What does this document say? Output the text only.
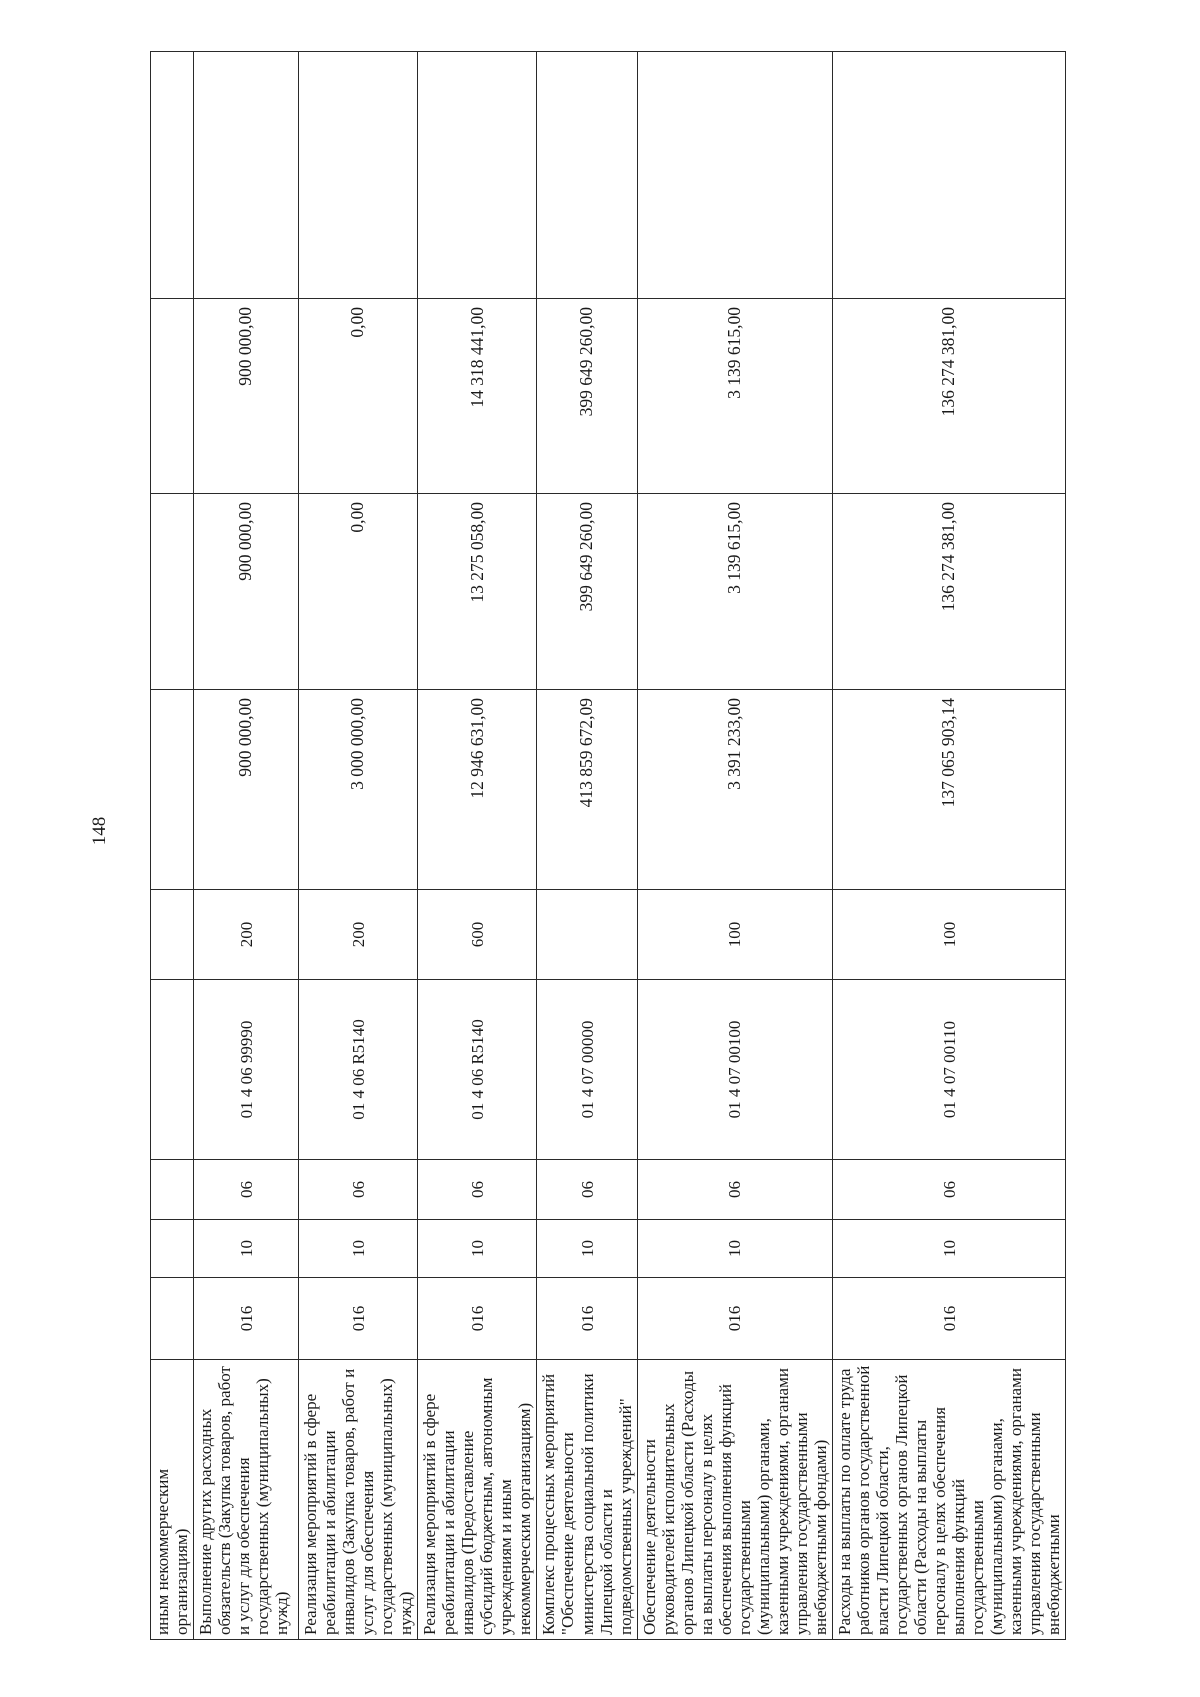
148
иным некоммерческим организациям)									
Выполнение других расходных обязательств (Закупка товаров, работ и услуг для обеспечения государственных (муниципальных) нужд)	016	10	06	01 4 06 99990	200	900 000,00	900 000,00	900 000,00	
Реализация мероприятий в сфере реабилитации и абилитации инвалидов (Закупка товаров, работ и услуг для обеспечения государственных (муниципальных) нужд)	016	10	06	01 4 06 R5140	200	3 000 000,00	0,00	0,00	
Реализация мероприятий в сфере реабилитации и абилитации инвалидов (Предоставление субсидий бюджетным, автономным учреждениям и иным некоммерческим организациям)	016	10	06	01 4 06 R5140	600	12 946 631,00	13 275 058,00	14 318 441,00	
Комплекс процессных мероприятий "Обеспечение деятельности министерства социальной политики Липецкой области и подведомственных учреждений"	016	10	06	01 4 07 00000		413 859 672,09	399 649 260,00	399 649 260,00	
Обеспечение деятельности руководителей исполнительных органов Липецкой области (Расходы на выплаты персоналу в целях обеспечения выполнения функций государственными (муниципальными) органами, казенными учреждениями, органами управления государственными внебюджетными фондами)	016	10	06	01 4 07 00100	100	3 391 233,00	3 139 615,00	3 139 615,00	
Расходы на выплаты по оплате труда работников органов государственной власти Липецкой области, государственных органов Липецкой области (Расходы на выплаты персоналу в целях обеспечения выполнения функций государственными (муниципальными) органами, казенными учреждениями, органами управления государственными внебюджетными	016	10	06	01 4 07 00110	100	137 065 903,14	136 274 381,00	136 274 381,00	
